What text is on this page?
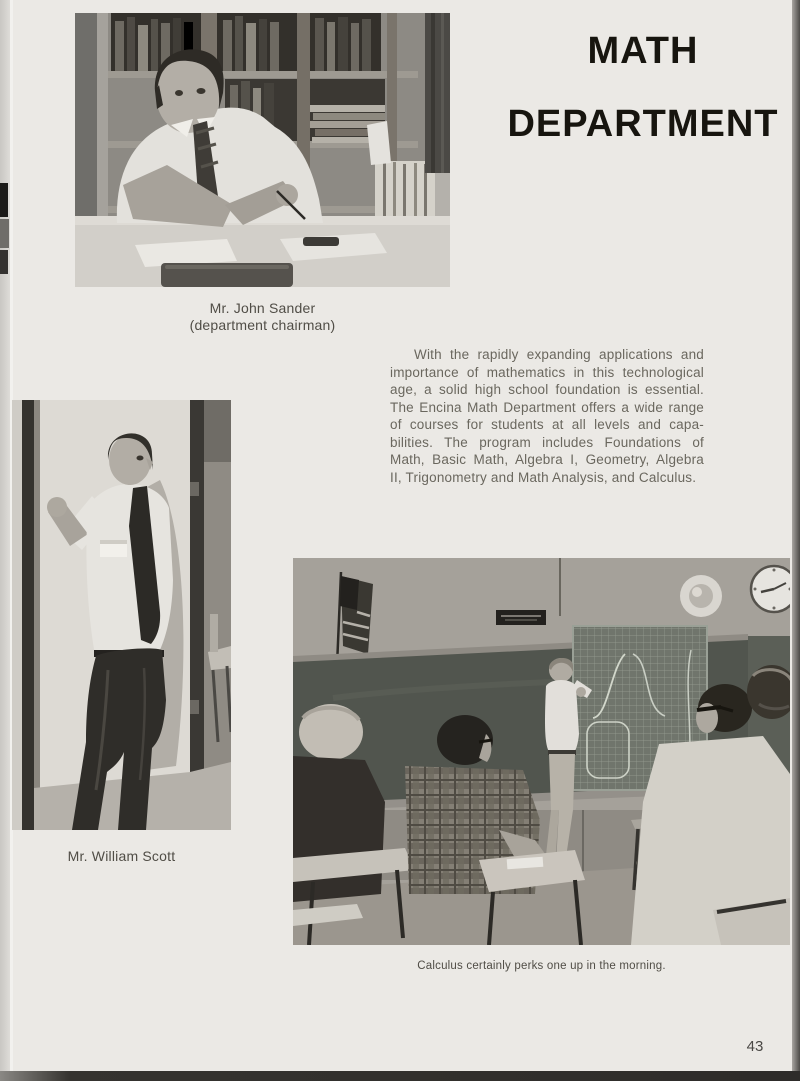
Mr. John Sander
(department chairman)
MATH
DEPARTMENT
With the rapidly expanding applications and
importance of mathematics in this technological
age, a solid high school foundation is essential.
The Encina Math Department offers a wide range
of courses for students at all levels and capa-
bilities. The program includes Foundations of
Math, Basic Math, Algebra I, Geometry, Algebra
II, Trigonometry and Math Analysis, and Calculus.
Mr. William Scott
Calculus certainly perks one up in the morning.
43
